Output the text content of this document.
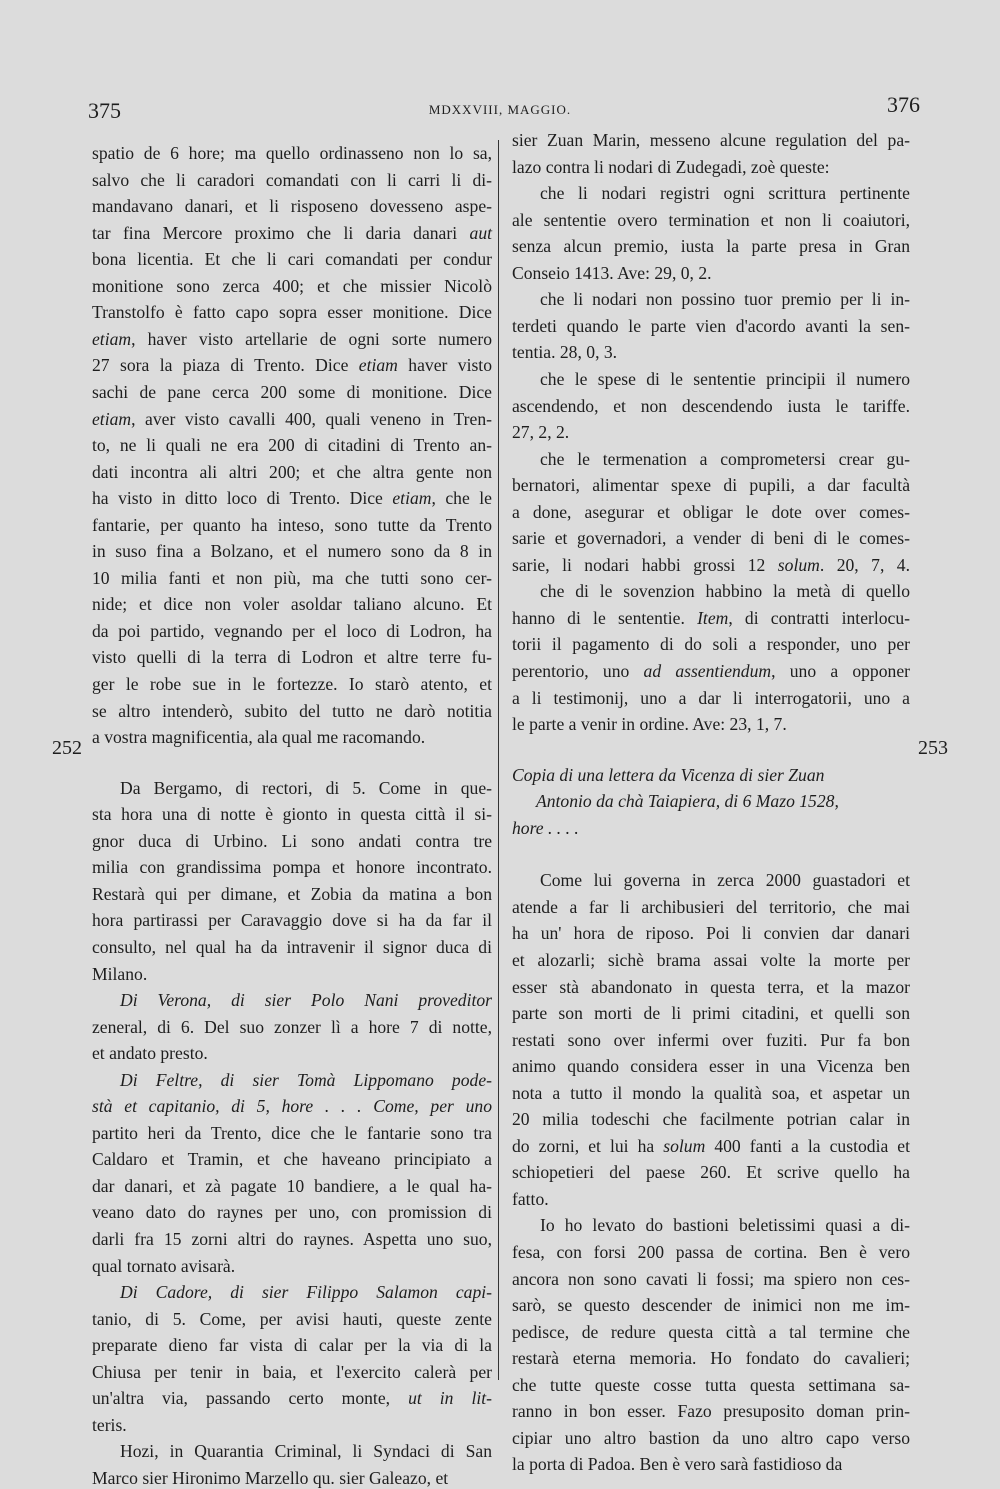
375	MDXXVIII, MAGGIO.	376
252	253
spatio de 6 hore; ma quello ordinasseno non lo sa,
salvo che li caradori comandati con li carri li di-
mandavano danari, et li risposeno dovesseno aspe-
tar fina Mercore proximo che li daria danari aut
bona licentia. Et che li cari comandati per condur
monitione sono zerca 400; et che missier Nicolò
Transtolfo è fatto capo sopra esser monitione. Dice
etiam, haver visto artellarie de ogni sorte numero
27 sora la piaza di Trento. Dice etiam haver visto
sachi de pane cerca 200 some di monitione. Dice
etiam, aver visto cavalli 400, quali veneno in Tren-
to, ne li quali ne era 200 di citadini di Trento an-
dati incontra ali altri 200; et che altra gente non
ha visto in ditto loco di Trento. Dice etiam, che le
fantarie, per quanto ha inteso, sono tutte da Trento
in suso fina a Bolzano, et el numero sono da 8 in
10 milia fanti et non più, ma che tutti sono cer-
nide; et dice non voler asoldar taliano alcuno. Et
da poi partido, vegnando per el loco di Lodron, ha
visto quelli di la terra di Lodron et altre terre fu-
ger le robe sue in le fortezze. Io starò atento, et
se altro intenderò, subito del tutto ne darò notitia
a vostra magnificentia, ala qual me racomando.
Da Bergamo, di rectori, di 5. Come in que-
sta hora una di notte è gionto in questa città il si-
gnor duca di Urbino. Li sono andati contra tre
milia con grandissima pompa et honore incontrato.
Restarà qui per dimane, et Zobia da matina a bon
hora partirassi per Caravaggio dove si ha da far il
consulto, nel qual ha da intravenir il signor duca di
Milano.
Di Verona, di sier Polo Nani proveditor
zeneral, di 6. Del suo zonzer lì a hore 7 di notte,
et andato presto.
Di Feltre, di sier Tomà Lippomano pode-
stà et capitanio, di 5, hore . . . Come, per uno
partito heri da Trento, dice che le fantarie sono tra
Caldaro et Tramin, et che haveano principiato a
dar danari, et zà pagate 10 bandiere, a le qual ha-
veano dato do raynes per uno, con promission di
darli fra 15 zorni altri do raynes. Aspetta uno suo,
qual tornato avisarà.
Di Cadore, di sier Filippo Salamon capi-
tanio, di 5. Come, per avisi hauti, queste zente
preparate dieno far vista di calar per la via di la
Chiusa per tenir in baia, et l'exercito calerà per
un'altra via, passando certo monte, ut in lit-
teris.
Hozi, in Quarantia Criminal, li Syndaci di San
Marco sier Hironimo Marzello qu. sier Galeazo, et
sier Zuan Marin, messeno alcune regulation del pa-
lazo contra li nodari di Zudegadi, zoè queste:
che li nodari registri ogni scrittura pertinente
ale sententie overo termination et non li coaiutori,
senza alcun premio, iusta la parte presa in Gran
Conseio 1413. Ave: 29, 0, 2.
che li nodari non possino tuor premio per li in-
terdeti quando le parte vien d'acordo avanti la sen-
tentia. 28, 0, 3.
che le spese di le sententie principii il numero
ascendendo, et non descendendo iusta le tariffe.
27, 2, 2.
che le termenation a comprometersi crear gu-
bernatori, alimentar spexe di pupili, a dar facultà
a done, asegurar et obligar le dote over comes-
sarie et governadori, a vender di beni di le comes-
sarie, li nodari habbi grossi 12 solum. 20, 7, 4.
che di le sovenzion habbino la metà di quello
hanno di le sententie. Item, di contratti interlocu-
torii il pagamento di do soli a responder, uno per
perentorio, uno ad assentiendum, uno a opponer
a li testimonij, uno a dar li interrogatorii, uno a
le parte a venir in ordine. Ave: 23, 1, 7.
Copia di una lettera da Vicenza di sier Zuan
Antonio da chà Taiapiera, di 6 Mazo 1528,
hore . . . .
Come lui governa in zerca 2000 guastadori et
atende a far li archibusieri del territorio, che mai
ha un' hora de riposo. Poi li convien dar danari
et alozarli; sichè brama assai volte la morte per
esser stà abandonato in questa terra, et la mazor
parte son morti de li primi citadini, et quelli son
restati sono over infermi over fuziti. Pur fa bon
animo quando considera esser in una Vicenza ben
nota a tutto il mondo la qualità soa, et aspetar un
20 milia todeschi che facilmente potrian calar in
do zorni, et lui ha solum 400 fanti a la custodia et
schiopetieri del paese 260. Et scrive quello ha
fatto.
Io ho levato do bastioni beletissimi quasi a di-
fesa, con forsi 200 passa de cortina. Ben è vero
ancora non sono cavati li fossi; ma spiero non ces-
sarò, se questo descender de inimici non me im-
pedisce, de redure questa città a tal termine che
restarà eterna memoria. Ho fondato do cavalieri;
che tutte queste cosse tutta questa settimana sa-
ranno in bon esser. Fazo presuposito doman prin-
cipiar uno altro bastion da uno altro capo verso
la porta di Padoa. Ben è vero sarà fastidioso da
